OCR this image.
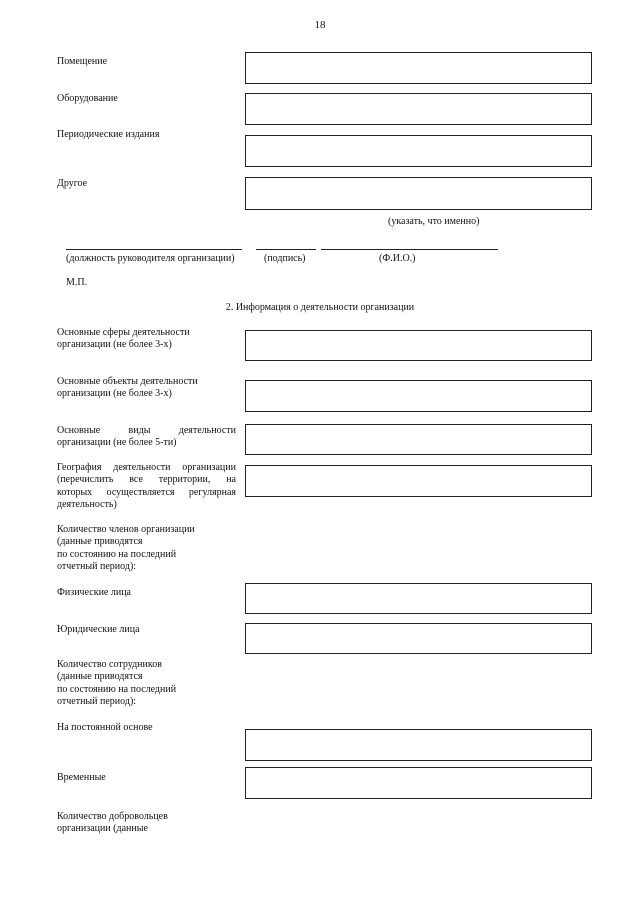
18
Помещение
Оборудование
Периодические издания
Другое
(указать, что именно)
(должность руководителя организации)	(подпись)	(Ф.И.О.)
М.П.
2. Информация о деятельности организации
Основные сферы деятельности
организации (не более 3-х)
Основные объекты деятельности
организации (не более 3-х)
Основные виды деятельности
организации (не более 5-ти)
География деятельности организации
(перечислить все территории, на
которых осуществляется регулярная
деятельность)
Количество членов организации
(данные приводятся
по состоянию на последний
отчетный период):
Физические лица
Юридические лица
Количество сотрудников
(данные приводятся
по состоянию на последний
отчетный период):
На постоянной основе
Временные
Количество добровольцев
организации (данные
